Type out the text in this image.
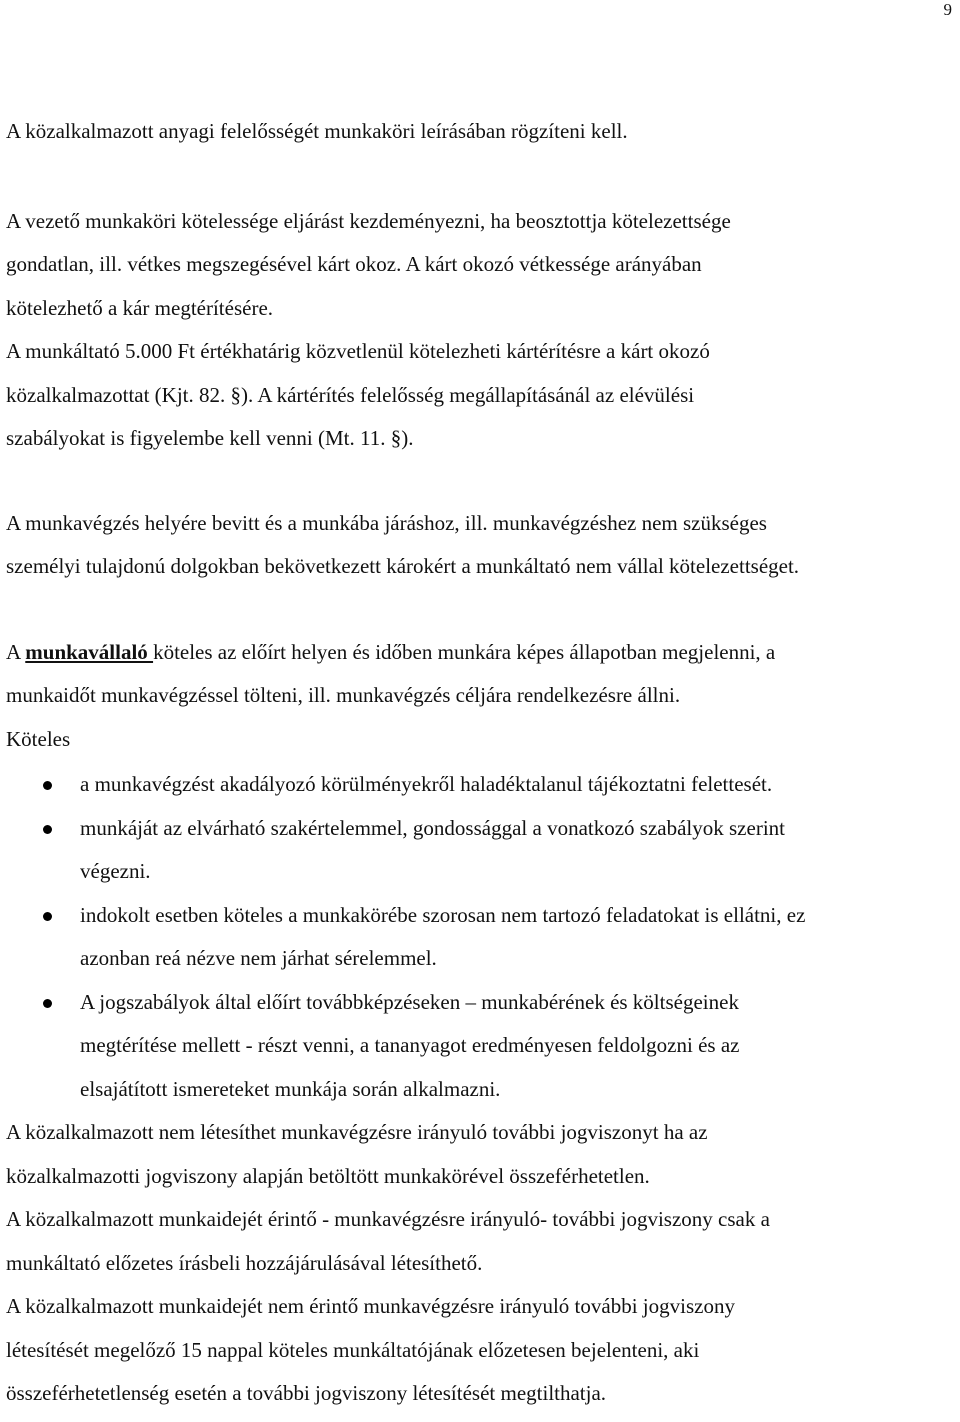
9
A közalkalmazott anyagi felelősségét munkaköri leírásában rögzíteni kell.
A vezető munkaköri kötelessége eljárást kezdeményezni, ha beosztottja kötelezettsége
gondatlan, ill. vétkes megszegésével kárt okoz. A kárt okozó vétkessége arányában
kötelezhető a kár megtérítésére.
A munkáltató 5.000 Ft értékhatárig közvetlenül kötelezheti kártérítésre a kárt okozó
közalkalmazottat (Kjt. 82. §). A kártérítés felelősség megállapításánál az elévülési
szabályokat is figyelembe kell venni (Mt. 11. §).
A munkavégzés helyére bevitt és a munkába járáshoz, ill. munkavégzéshez nem szükséges
személyi tulajdonú dolgokban bekövetkezett károkért a munkáltató nem vállal kötelezettséget.
A munkavállaló köteles az előírt helyen és időben munkára képes állapotban megjelenni, a
munkaidőt munkavégzéssel tölteni, ill. munkavégzés céljára rendelkezésre állni.
Köteles
a munkavégzést akadályozó körülményekről haladéktalanul tájékoztatni felettesét.
munkáját az elvárható szakértelemmel, gondossággal a vonatkozó szabályok szerint
végezni.
indokolt esetben köteles a munkakörébe szorosan nem tartozó feladatokat is ellátni, ez
azonban reá nézve nem járhat sérelemmel.
A jogszabályok által előírt továbbképzéseken – munkabérének és költségeinek
megtérítése mellett - részt venni, a tananyagot eredményesen feldolgozni és az
elsajátított ismereteket munkája során alkalmazni.
A közalkalmazott nem létesíthet munkavégzésre irányuló további jogviszonyt ha az
közalkalmazotti jogviszony alapján betöltött munkakörével összeférhetetlen.
A közalkalmazott munkaidejét érintő - munkavégzésre irányuló- további jogviszony csak a
munkáltató előzetes írásbeli hozzájárulásával létesíthető.
A közalkalmazott munkaidejét nem érintő munkavégzésre irányuló további jogviszony
létesítését megelőző 15 nappal köteles munkáltatójának előzetesen bejelenteni, aki
összeférhetetlenség esetén a további jogviszony létesítését megtilthatja.
